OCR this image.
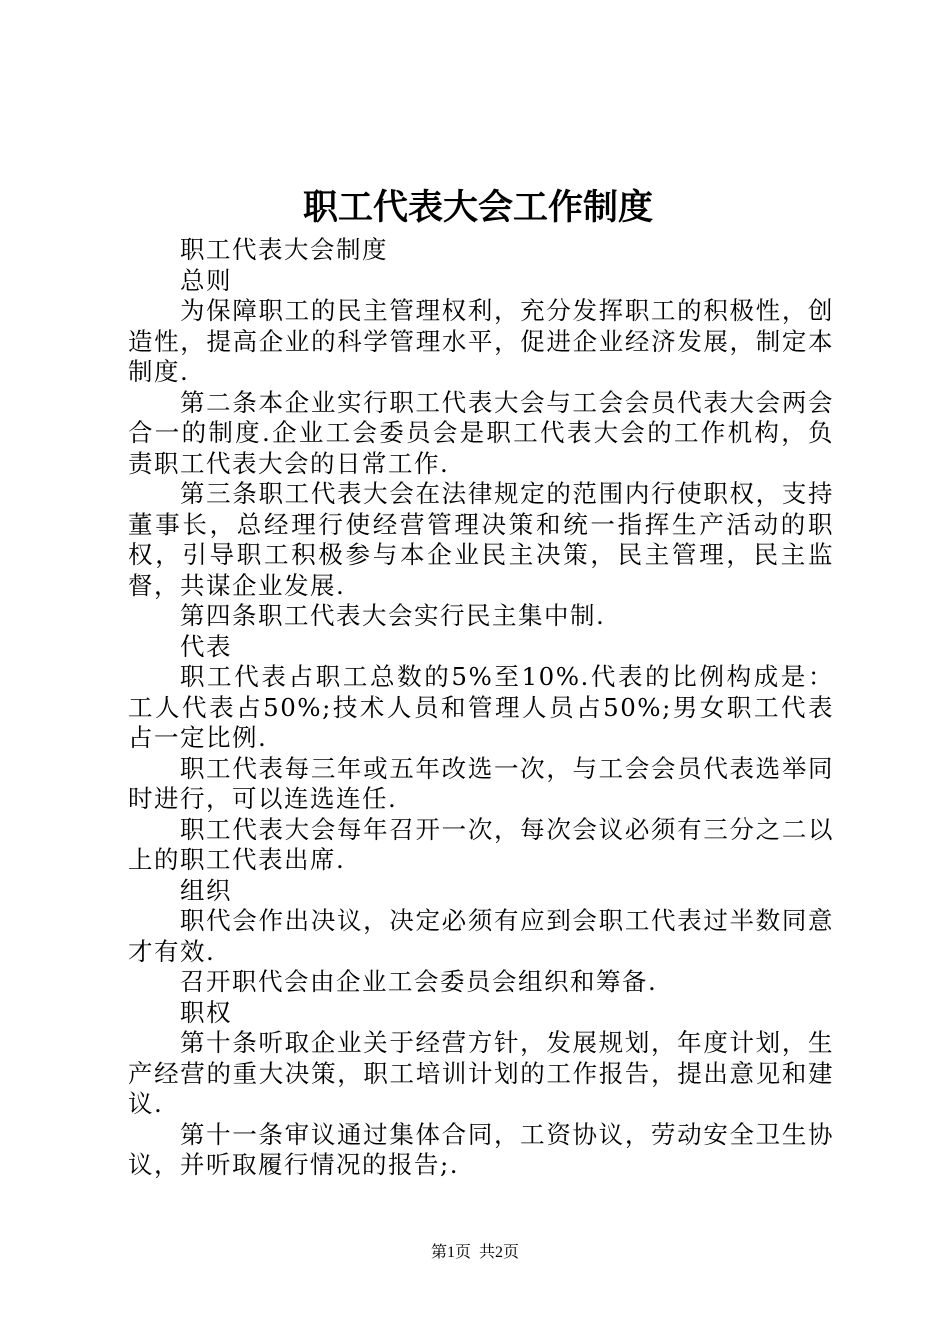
职工代表大会工作制度

职工代表大会制度

总则

为保障职工的民主管理权利，充分发挥职工的积极性，创造性，提高企业的科学管理水平，促进企业经济发展，制定本制度.

第二条本企业实行职工代表大会与工会会员代表大会两会合一的制度.企业工会委员会是职工代表大会的工作机构，负责职工代表大会的日常工作.

第三条职工代表大会在法律规定的范围内行使职权，支持董事长，总经理行使经营管理决策和统一指挥生产活动的职权，引导职工积极参与本企业民主决策，民主管理，民主监督，共谋企业发展.

第四条职工代表大会实行民主集中制.

代表

职工代表占职工总数的5%至10%.代表的比例构成是：工人代表占50%;技术人员和管理人员占50%;男女职工代表占一定比例.

职工代表每三年或五年改选一次，与工会会员代表选举同时进行，可以连选连任.

职工代表大会每年召开一次，每次会议必须有三分之二以上的职工代表出席.

组织

职代会作出决议，决定必须有应到会职工代表过半数同意才有效.

召开职代会由企业工会委员会组织和筹备.

职权

第十条听取企业关于经营方针，发展规划，年度计划，生产经营的重大决策，职工培训计划的工作报告，提出意见和建议.

第十一条审议通过集体合同，工资协议，劳动安全卫生协议，并听取履行情况的报告;.

第1页 共2页
